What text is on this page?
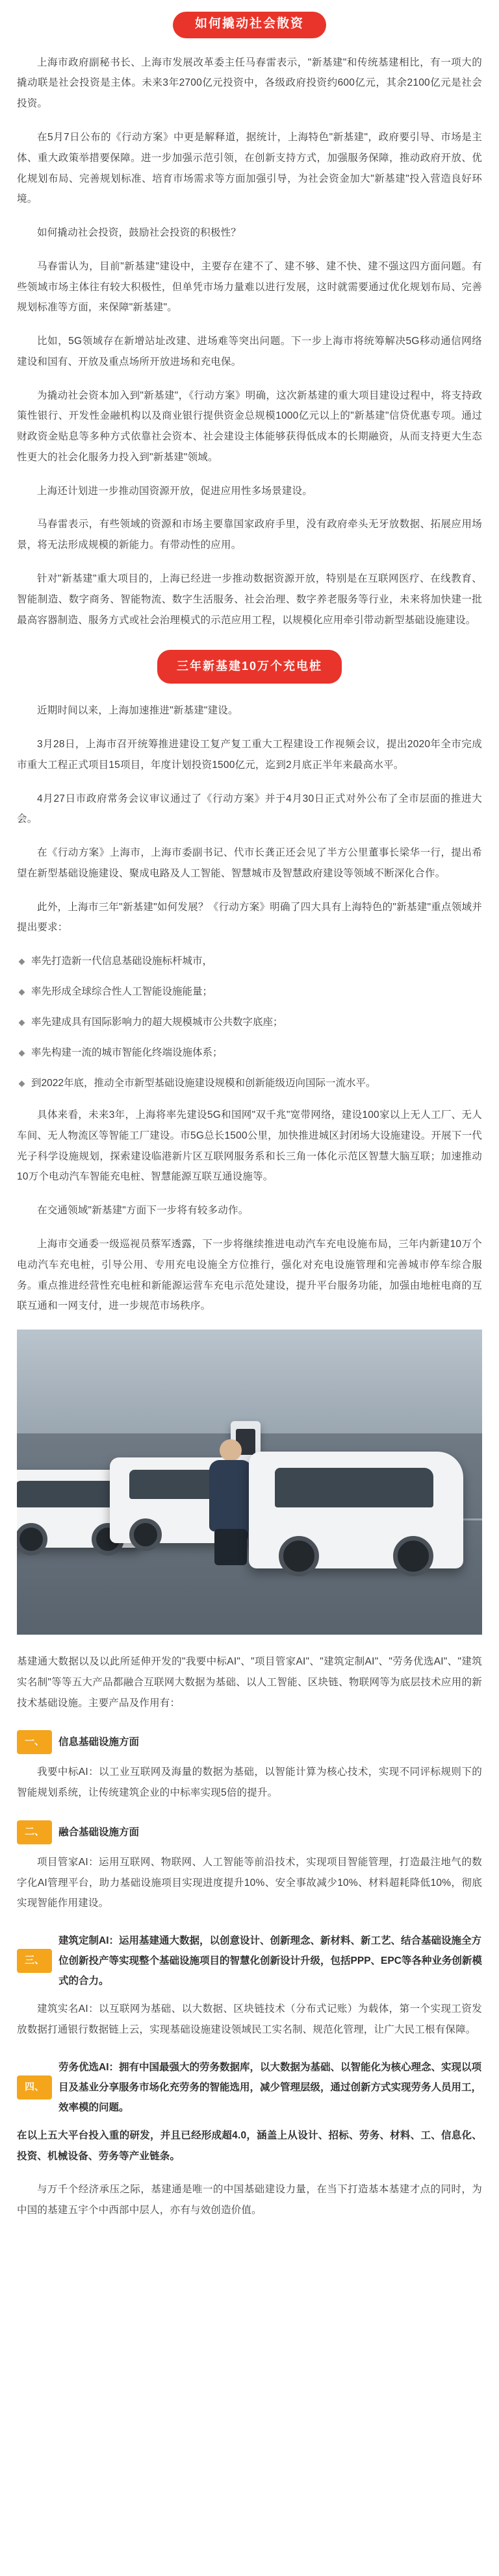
如何撬动社会散资

上海市政府副秘书长、上海市发展改革委主任马春雷表示，"新基建"和传统基建相比，有一项大的撬动联是社会投资是主体。未来3年2700亿元投资中，各级政府投资约600亿元，其余2100亿元是社会投资。

在5月7日公布的《行动方案》中更是解释道，据统计，上海特色"新基建"，政府要引导、市场是主体、重大政策举措要保障。进一步加强示范引领，在创新支持方式，加强服务保障，推动政府开放、优化规划布局、完善规划标准、培育市场需求等方面加强引导，为社会资金加大"新基建"投入营造良好环境。

如何撬动社会投资，鼓励社会投资的积极性？

马春雷认为，目前"新基建"建设中，主要存在建不了、建不够、建不快、建不强这四方面问题。有些领域市场主体往有较大积极性，但单凭市场力量难以进行发展，这时就需要通过优化规划布局、完善规划标准等方面，来保障"新基建"。

比如，5G领域存在新增站址改建、进场难等突出问题。下一步上海市将统筹解决5G移动通信网络建设和国有、开放及重点场所开放进场和充电保。

为撬动社会资本加入到"新基建"，《行动方案》明确，这次新基建的重大项目建设过程中，将支持政策性银行、开发性金融机构以及商业银行提供资金总规模1000亿元以上的"新基建"信贷优惠专项。通过财政资金贴息等多种方式依靠社会资本、社会建设主体能够获得低成本的长期融资，从而支持更大生态性更大的社会化服务力投入到"新基建"领域。

上海还计划进一步推动国资源开放，促进应用性多场景建设。

马春雷表示，有些领域的资源和市场主要靠国家政府手里，没有政府牵头无牙放数据、拓展应用场景，将无法形成规模的新能力。有带动性的应用。

针对"新基建"重大项目的，上海已经进一步推动数据资源开放，特别是在互联网医疗、在线教育、智能制造、数字商务、智能物流、数字生活服务、社会治理、数字养老服务等行业，未来将加快建一批最高容器制造、服务方式或社会治理模式的示范应用工程，以规模化应用牵引带动新型基础设施建设。

三年新基建10万个充电桩

近期时间以来，上海加速推进"新基建"建设。

3月28日，上海市召开统筹推进建设工复产复工重大工程建设工作视频会议，提出2020年全市完成市重大工程正式项目15项目，年度计划投资1500亿元，迄到2月底正半年来最高水平。

4月27日市政府常务会议审议通过了《行动方案》并于4月30日正式对外公布了全市层面的推进大会。

在《行动方案》上海市，上海市委副书记、代市长龚正还会见了半方公里董事长梁华一行，提出希望在新型基础设施建设、聚成电路及人工智能、智慧城市及智慧政府建设等领域不断深化合作。

此外，上海市三年"新基建"如何发展？《行动方案》明确了四大具有上海特色的"新基建"重点领域并提出要求：

率先打造新一代信息基础设施标杆城市，
率先形成全球综合性人工智能设施能量；
率先建成具有国际影响力的超大规模城市公共数字底座；
率先构建一流的城市智能化终端设施体系；
到2022年底，推动全市新型基础设施建设规模和创新能级迈向国际一流水平。

具体来看，未来3年，上海将率先建设5G和国网"双千兆"宽带网络，建设100家以上无人工厂、无人车间、无人物流区等智能工厂建设。市5G总长1500公里，加快推进城区封闭场大设施建设。开展下一代光子科学设施规划，探索建设临港新片区互联网服务系和长三角一体化示范区智慧大脑互联；加速推动10万个电动汽车智能充电桩、智慧能源互联互通设施等。

在交通领域"新基建"方面下一步将有较多动作。

上海市交通委一级巡视员蔡军透露，下一步将继续推进电动汽车充电设施布局，三年内新建10万个电动汽车充电桩，引导公用、专用充电设施全方位推行，强化对充电设施管理和完善城市停车综合服务。重点推进经营性充电桩和新能源运营车充电示范处建设，提升平台服务功能，加强由地桩电商的互联互通和一网支付，进一步规范市场秩序。

基建通大数据以及以此所延伸开发的"我要中标AI"、"项目管家AI"、"建筑定制AI"、"劳务优选AI"、"建筑实名制"等等五大产品都融合互联网大数据为基础、以人工智能、区块链、物联网等为底层技术应用的新技术基础设施。主要产品及作用有：

一、	信息基础设施方面

我要中标AI：以工业互联网及海量的数据为基础，以智能计算为核心技术，实现不同评标规则下的智能规划系统，让传统建筑企业的中标率实现5倍的提升。

二、	融合基础设施方面

项目管家AI：运用互联网、物联网、人工智能等前沿技术，实现项目智能管理，打造最注地气的数字化AI管理平台，助力基础设施项目实现进度提升10%、安全事故减少10%、材料超耗降低10%，彻底实现智能作用建设。

三、
建筑定制AI：运用基建通大数据，以创意设计、创新理念、新材料、新工艺、结合基础设施全方位创新投产等实现整个基础设施项目的智慧化创新设计升级，包括PPP、EPC等各种业务创新模式的合力。

建筑实名AI：以互联网为基础、以大数据、区块链技术（分布式记账）为载体，第一个实现工资发放数据打通银行数据链上云，实现基础设施建设领域民工实名制、规范化管理，让广大民工根有保障。

四、
劳务优选AI：拥有中国最强大的劳务数据库，以大数据为基础、以智能化为核心理念、实现以项目及基业分享服务市场化充劳务的智能选用，减少管理层级，通过创新方式实现劳务人员用工，效率模的问题。

在以上五大平台投入重的研发，并且已经形成超4.0，涵盖上从设计、招标、劳务、材料、工、信息化、投资、机械设备、劳务等产业链条。

与万千个经济承压之际，基建通是唯一的中国基础建设力量，在当下打造基本基建才点的同时，为中国的基建五宇个中西部中层人，亦有与效创造价值。
